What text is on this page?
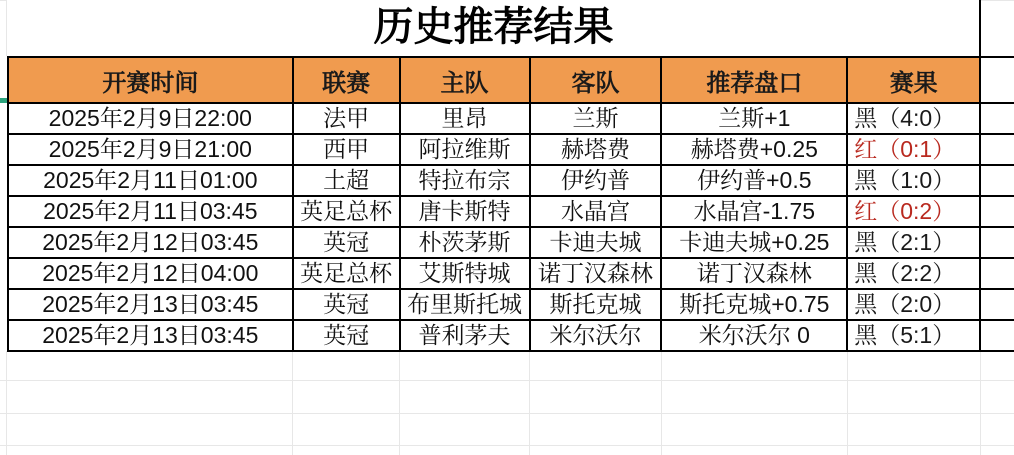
历史推荐结果
开赛时间	联赛	主队	客队	推荐盘口	赛果	
2025年2月9日22:00	法甲	里昂	兰斯	兰斯+1	黑（4:0）	
2025年2月9日21:00	西甲	阿拉维斯	赫塔费	赫塔费+0.25	红（0:1）	
2025年2月11日01:00	土超	特拉布宗	伊约普	伊约普+0.5	黑（1:0）	
2025年2月11日03:45	英足总杯	唐卡斯特	水晶宫	水晶宫-1.75	红（0:2）	
2025年2月12日03:45	英冠	朴茨茅斯	卡迪夫城	卡迪夫城+0.25	黑（2:1）	
2025年2月12日04:00	英足总杯	艾斯特城	诺丁汉森林	诺丁汉森林	黑（2:2）	
2025年2月13日03:45	英冠	布里斯托城	斯托克城	斯托克城+0.75	黑（2:0）	
2025年2月13日03:45	英冠	普利茅夫	米尔沃尔	米尔沃尔 0	黑（5:1）	
